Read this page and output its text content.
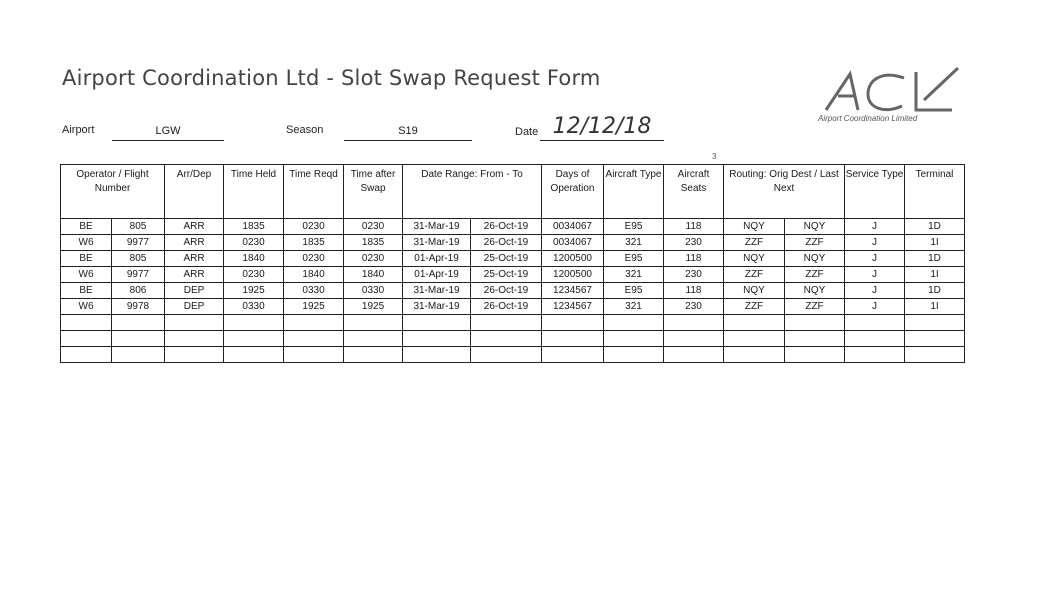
Airport Coordination Ltd - Slot Swap Request Form
Airport Coordination Limited
Airport	LGW	Season	S19	Date 12/12/18
3
Operator / Flight Number		Arr/Dep	Time Held	Time Reqd	Time after Swap	Date Range: From - To		Days of Operation	Aircraft Type	Aircraft Seats	Routing: Orig Dest / Last Next		Service Type	Terminal
BE	805	ARR	1835	0230	0230	31-Mar-19	26-Oct-19	0034067	E95	118	NQY	NQY	J	1D
W6	9977	ARR	0230	1835	1835	31-Mar-19	26-Oct-19	0034067	321	230	ZZF	ZZF	J	1I
BE	805	ARR	1840	0230	0230	01-Apr-19	25-Oct-19	1200500	E95	118	NQY	NQY	J	1D
W6	9977	ARR	0230	1840	1840	01-Apr-19	25-Oct-19	1200500	321	230	ZZF	ZZF	J	1I
BE	806	DEP	1925	0330	0330	31-Mar-19	26-Oct-19	1234567	E95	118	NQY	NQY	J	1D
W6	9978	DEP	0330	1925	1925	31-Mar-19	26-Oct-19	1234567	321	230	ZZF	ZZF	J	1I
